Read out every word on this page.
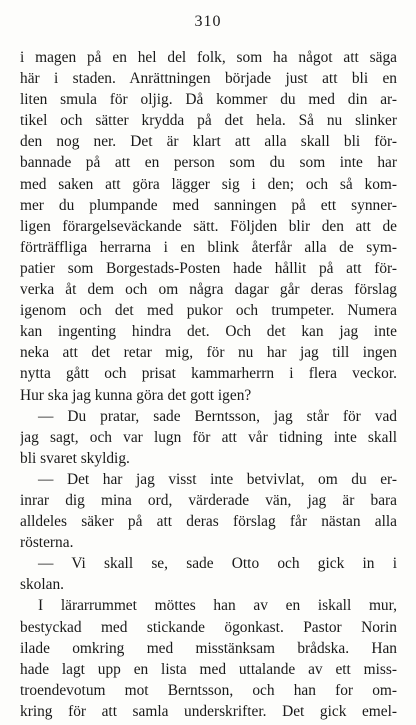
310
i magen på en hel del folk, som ha något att säga
här i staden. Anrättningen började just att bli en
liten smula för oljig. Då kommer du med din ar-
tikel och sätter krydda på det hela. Så nu slinker
den nog ner. Det är klart att alla skall bli för-
bannade på att en person som du som inte har
med saken att göra lägger sig i den; och så kom-
mer du plumpande med sanningen på ett synner-
ligen förargelseväckande sätt. Följden blir den att de
förträffliga herrarna i en blink återfår alla de sym-
patier som Borgestads-Posten hade hållit på att för-
verka åt dem och om några dagar går deras förslag
igenom och det med pukor och trumpeter. Numera
kan ingenting hindra det. Och det kan jag inte
neka att det retar mig, för nu har jag till ingen
nytta gått och prisat kammarherrn i flera veckor.
Hur ska jag kunna göra det gott igen?
— Du pratar, sade Berntsson, jag står för vad
jag sagt, och var lugn för att vår tidning inte skall
bli svaret skyldig.
— Det har jag visst inte betvivlat, om du er-
inrar dig mina ord, värderade vän, jag är bara
alldeles säker på att deras förslag får nästan alla
rösterna.
— Vi skall se, sade Otto och gick in i
skolan.
I lärarrummet möttes han av en iskall mur,
bestyckad med stickande ögonkast. Pastor Norin
ilade omkring med misstänksam brådska. Han
hade lagt upp en lista med uttalande av ett miss-
troendevotum mot Berntsson, och han for om-
kring för att samla underskrifter. Det gick emel-
